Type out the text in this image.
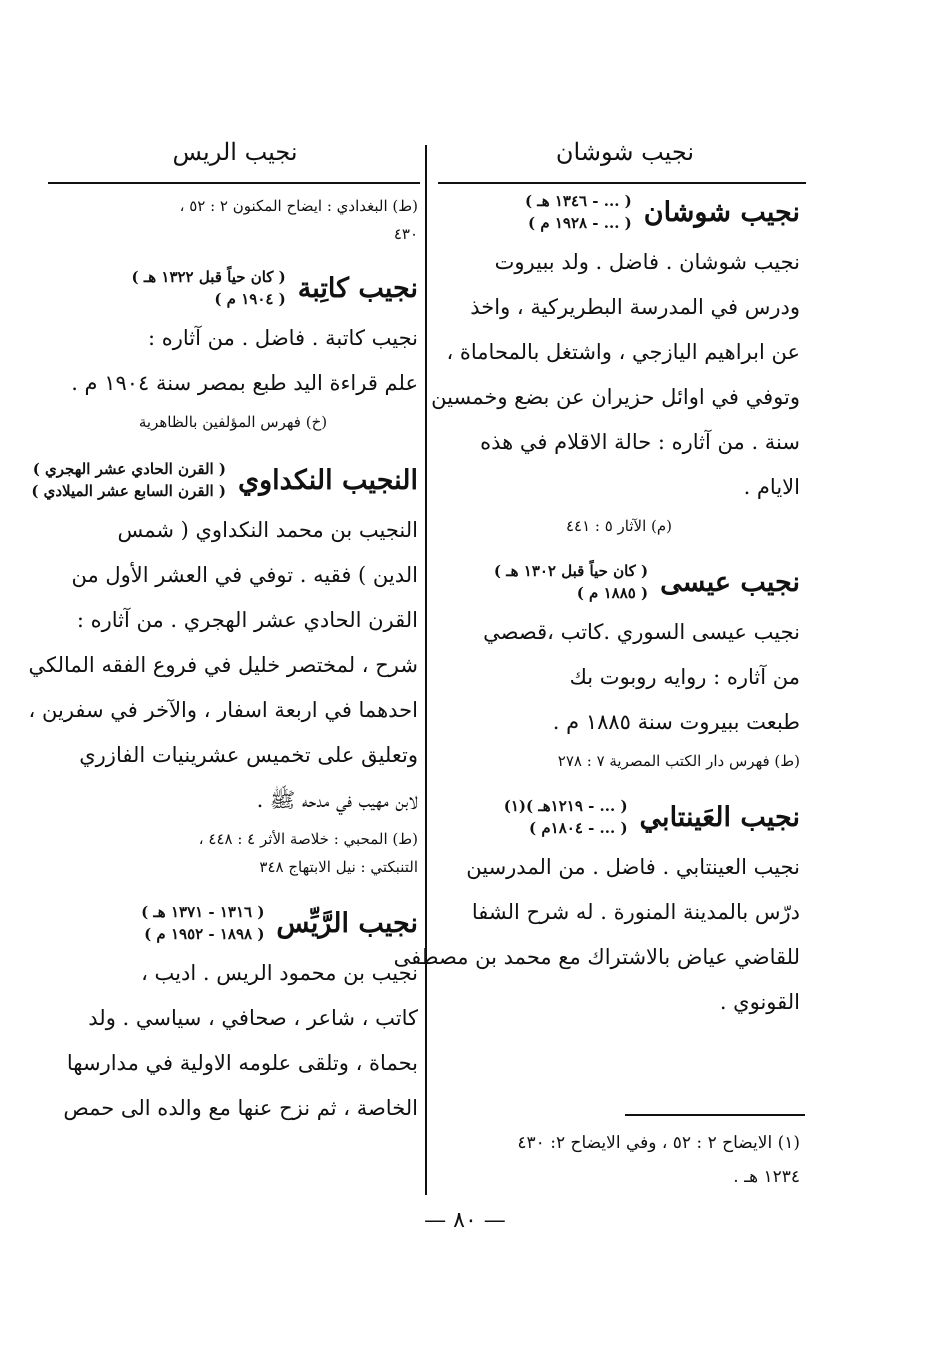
نجيب شوشان
نجيب الريس
نجيب شوشان
( ... - ١٣٤٦ هـ )
( ... - ١٩٢٨ م )
نجيب شوشان . فاضل . ولد ببيروت
ودرس في المدرسة البطريركية ، واخذ
عن ابراهيم اليازجي ، واشتغل بالمحاماة ،
وتوفي في اوائل حزيران عن بضع وخمسين
سنة . من آثاره : حالة الاقلام في هذه
الايام .
(م) الآثار ٥ : ٤٤١
نجيب عيسى
( كان حياً قبل ١٣٠٢ هـ )
( ١٨٨٥ م )
نجيب عيسى السوري .كاتب ،قصصي
من آثاره : روايه روبوت بك
طبعت ببيروت سنة ١٨٨٥ م .
(ط) فهرس دار الكتب المصرية ٧ : ٢٧٨
نجيب العَينتابي
( ... - ١٢١٩هـ )(١)
( ... - ١٨٠٤م )
نجيب العينتابي . فاضل . من المدرسين
درّس بالمدينة المنورة . له شرح الشفا
للقاضي عياض بالاشتراك مع محمد بن مصطفى
القونوي .
(١) الايضاح ٢ : ٥٢ ، وفي الايضاح ٢: ٤٣٠
١٢٣٤ هـ .
(ط) البغدادي : ايضاح المكنون ٢ : ٥٢ ،
٤٣٠
نجيب كاتِبة
( كان حياً قبل ١٣٢٢ هـ )
( ١٩٠٤ م )
نجيب كاتبة . فاضل . من آثاره :
علم قراءة اليد طبع بمصر سنة ١٩٠٤ م .
(خ) فهرس المؤلفين بالظاهرية
النجيب النكداوي
( القرن الحادي عشر الهجري )
( القرن السابع عشر الميلادي )
النجيب بن محمد النكداوي ( شمس
الدين ) فقيه . توفي في العشر الأول من
القرن الحادي عشر الهجري . من آثاره :
شرح ، لمختصر خليل في فروع الفقه المالكي
احدهما في اربعة اسفار ، والآخر في سفرين ،
وتعليق على تخميس عشرينيات الفازري
لابن مهيب في مدحه ﷺ .
(ط) المحبي : خلاصة الأثر ٤ : ٤٤٨ ،
التنبكتي : نيل الابتهاج ٣٤٨
نجيب الرَّيِّس
( ١٣١٦ - ١٣٧١ هـ )
( ١٨٩٨ - ١٩٥٢ م )
نجيب بن محمود الريس . اديب ،
كاتب ، شاعر ، صحافي ، سياسي . ولد
بحماة ، وتلقى علومه الاولية في مدارسها
الخاصة ، ثم نزح عنها مع والده الى حمص
— ٨٠ —
